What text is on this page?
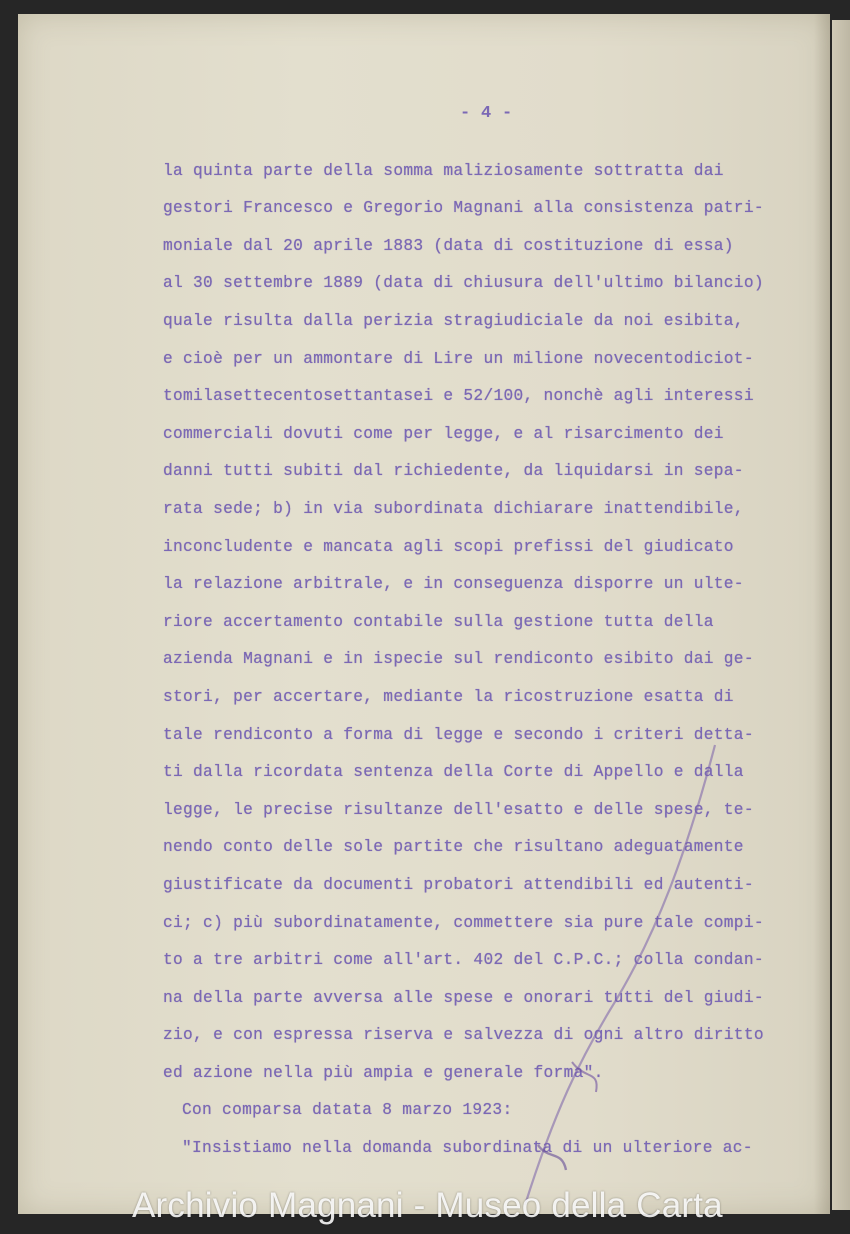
- 4 -
la quinta parte della somma maliziosamente sottratta dai
gestori Francesco e Gregorio Magnani alla consistenza patri-
moniale dal 20 aprile 1883 (data di costituzione di essa)
al 30 settembre 1889 (data di chiusura dell'ultimo bilancio)
quale risulta dalla perizia stragiudiciale da noi esibita,
e cioè per un ammontare di Lire un milione novecentodiciot-
tomilasettecentosettantasei e 52/100, nonchè agli interessi
commerciali dovuti come per legge, e al risarcimento dei
danni tutti subiti dal richiedente, da liquidarsi in sepa-
rata sede; b) in via subordinata dichiarare inattendibile,
inconcludente e mancata agli scopi prefissi del giudicato
la relazione arbitrale, e in conseguenza disporre un ulte-
riore accertamento contabile sulla gestione tutta della
azienda Magnani e in ispecie sul rendiconto esibito dai ge-
stori, per accertare, mediante la ricostruzione esatta di
tale rendiconto a forma di legge e secondo i criteri detta-
ti dalla ricordata sentenza della Corte di Appello e dalla
legge, le precise risultanze dell'esatto e delle spese, te-
nendo conto delle sole partite che risultano adeguatamente
giustificate da documenti probatori attendibili ed autenti-
ci; c) più subordinatamente, commettere sia pure tale compi-
to a tre arbitri come all'art. 402 del C.P.C.; colla condan-
na della parte avversa alle spese e onorari tutti del giudi-
zio, e con espressa riserva e salvezza di ogni altro diritto
ed azione nella più ampia e generale forma".
Con comparsa datata 8 marzo 1923:
"Insistiamo nella domanda subordinata di un ulteriore ac-
Archivio Magnani - Museo della Carta
